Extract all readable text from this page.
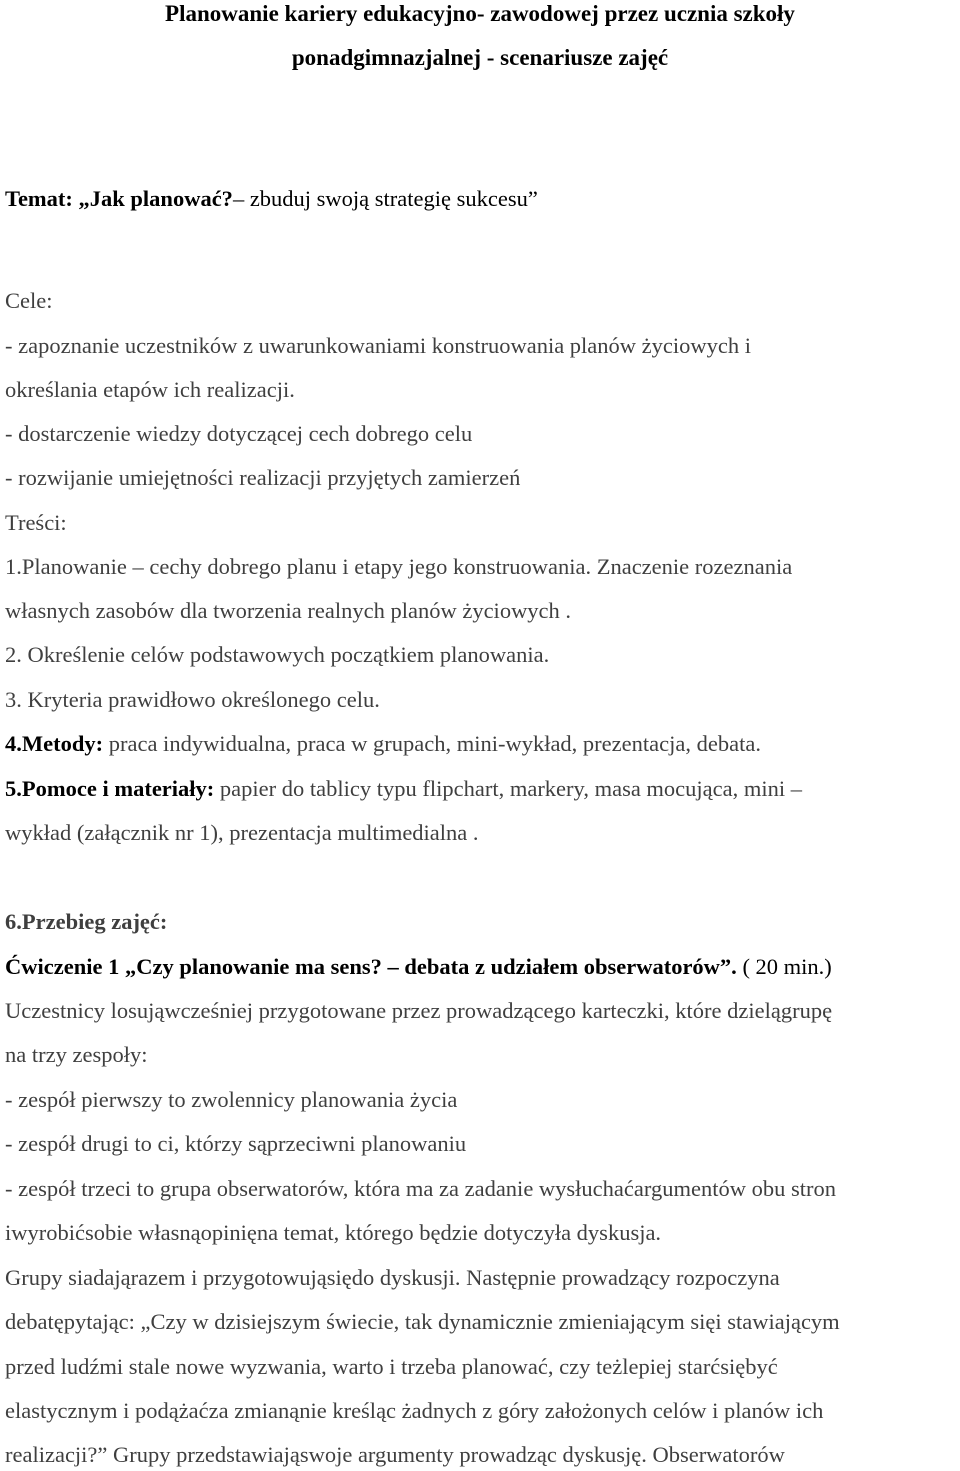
Planowanie kariery edukacyjno- zawodowej przez ucznia szkoły
ponadgimnazjalnej - scenariusze zajęć
Temat: „Jak planować?– zbuduj swoją strategię sukcesu”
Cele:
- zapoznanie uczestników z uwarunkowaniami konstruowania planów życiowych i
określania etapów ich realizacji.
- dostarczenie wiedzy dotyczącej cech dobrego celu
- rozwijanie umiejętności realizacji przyjętych zamierzeń
Treści:
1.Planowanie – cechy dobrego planu i etapy jego konstruowania. Znaczenie rozeznania
własnych zasobów dla tworzenia realnych planów życiowych .
2. Określenie celów podstawowych początkiem planowania.
3. Kryteria prawidłowo określonego celu.
4.Metody: praca indywidualna, praca w grupach, mini-wykład, prezentacja, debata.
5.Pomoce i materiały: papier do tablicy typu flipchart, markery, masa mocująca, mini –
wykład (załącznik nr 1), prezentacja multimedialna .
6.Przebieg zajęć:
Ćwiczenie 1 „Czy planowanie ma sens? – debata z udziałem obserwatorów”. ( 20 min.)
Uczestnicy losująwcześniej przygotowane przez prowadzącego karteczki, które dzielągrupę
na trzy zespoły:
- zespół pierwszy to zwolennicy planowania życia
- zespół drugi to ci, którzy sąprzeciwni planowaniu
- zespół trzeci to grupa obserwatorów, która ma za zadanie wysłuchaćargumentów obu stron
iwyrobićsobie własnąopinięna temat, którego będzie dotyczyła dyskusja.
Grupy siadająrazem i przygotowująsiędo dyskusji. Następnie prowadzący rozpoczyna
debatępytając: „Czy w dzisiejszym świecie, tak dynamicznie zmieniającym sięi stawiającym
przed ludźmi stale nowe wyzwania, warto i trzeba planować, czy teżlepiej starćsiębyć
elastycznym i podążaćza zmianąnie kreśląc żadnych z góry założonych celów i planów ich
realizacji?” Grupy przedstawiająswoje argumenty prowadząc dyskusję. Obserwatorów
